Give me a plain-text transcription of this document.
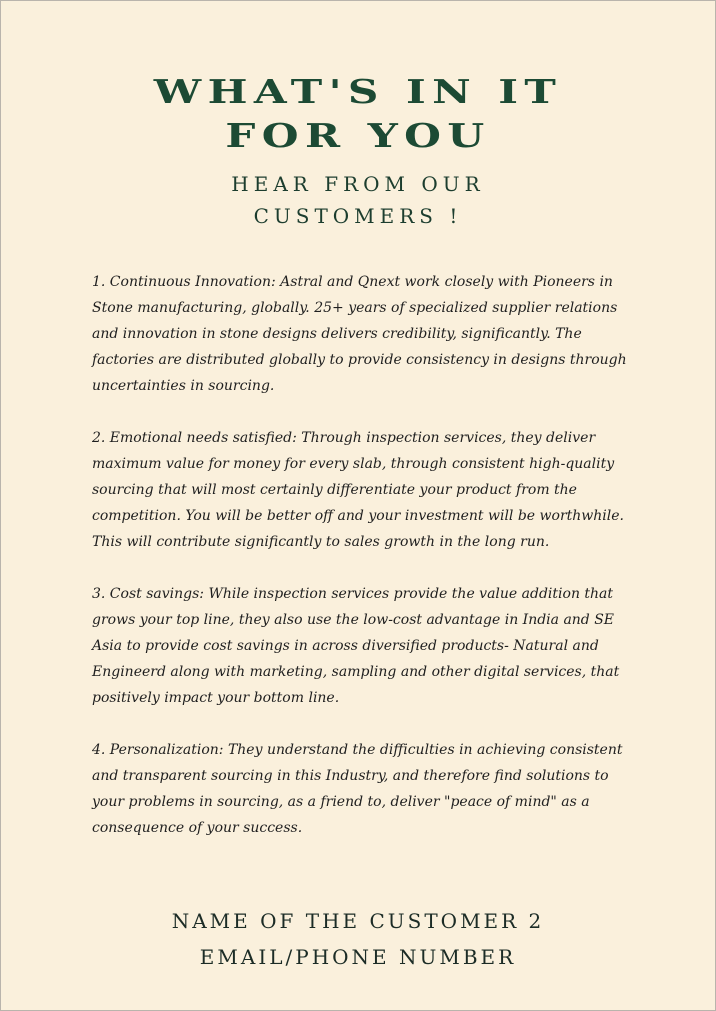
WHAT'S IN IT
FOR YOU
HEAR FROM OUR
CUSTOMERS !

1. Continuous Innovation: Astral and Qnext work closely with Pioneers in Stone manufacturing, globally. 25+ years of specialized supplier relations and innovation in stone designs delivers credibility, significantly. The factories are distributed globally to provide consistency in designs through uncertainties in sourcing.

2. Emotional needs satisfied: Through inspection services, they deliver maximum value for money for every slab, through consistent high-quality sourcing that will most certainly differentiate your product from the competition. You will be better off and your investment will be worthwhile. This will contribute significantly to sales growth in the long run.

3. Cost savings: While inspection services provide the value addition that grows your top line, they also use the low-cost advantage in India and SE Asia to provide cost savings in across diversified products- Natural and Engineerd along with marketing, sampling and other digital services, that positively impact your bottom line.

4. Personalization: They understand the difficulties in achieving consistent and transparent sourcing in this Industry, and therefore find solutions to your problems in sourcing, as a friend to, deliver "peace of mind" as a consequence of your success.

NAME OF THE CUSTOMER 2
EMAIL/PHONE NUMBER
